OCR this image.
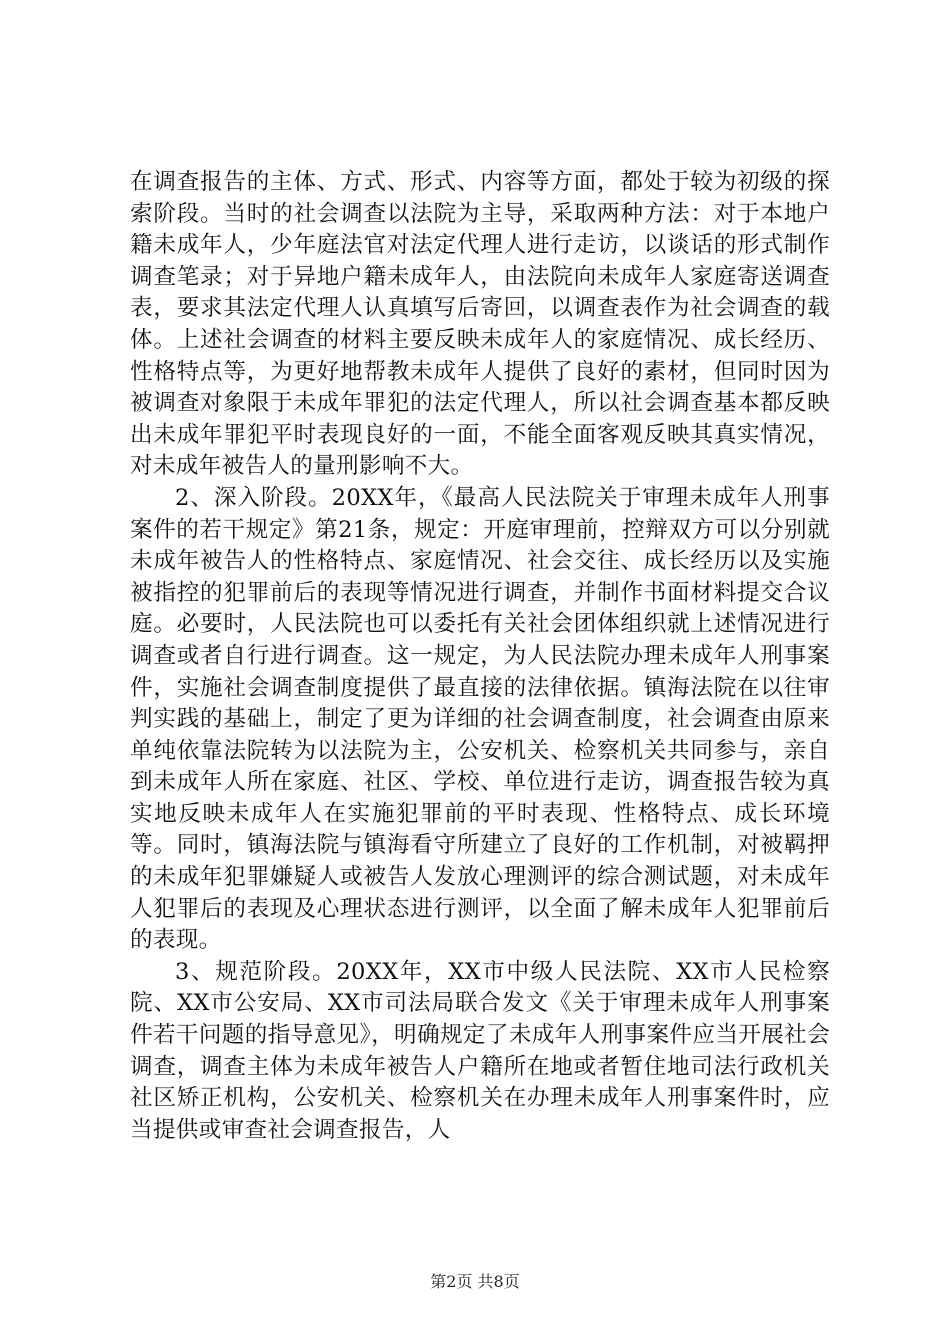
在调查报告的主体、方式、形式、内容等方面，都处于较为初级的探索阶段。当时的社会调查以法院为主导，采取两种方法：对于本地户籍未成年人，少年庭法官对法定代理人进行走访，以谈话的形式制作调查笔录；对于异地户籍未成年人，由法院向未成年人家庭寄送调查表，要求其法定代理人认真填写后寄回，以调查表作为社会调查的载体。上述社会调查的材料主要反映未成年人的家庭情况、成长经历、性格特点等，为更好地帮教未成年人提供了良好的素材，但同时因为被调查对象限于未成年罪犯的法定代理人，所以社会调查基本都反映出未成年罪犯平时表现良好的一面，不能全面客观反映其真实情况，对未成年被告人的量刑影响不大。

2、深入阶段。20XX年，《最高人民法院关于审理未成年人刑事案件的若干规定》第21条，规定：开庭审理前，控辩双方可以分别就未成年被告人的性格特点、家庭情况、社会交往、成长经历以及实施被指控的犯罪前后的表现等情况进行调查，并制作书面材料提交合议庭。必要时，人民法院也可以委托有关社会团体组织就上述情况进行调查或者自行进行调查。这一规定，为人民法院办理未成年人刑事案件，实施社会调查制度提供了最直接的法律依据。镇海法院在以往审判实践的基础上，制定了更为详细的社会调查制度，社会调查由原来单纯依靠法院转为以法院为主，公安机关、检察机关共同参与，亲自到未成年人所在家庭、社区、学校、单位进行走访，调查报告较为真实地反映未成年人在实施犯罪前的平时表现、性格特点、成长环境等。同时，镇海法院与镇海看守所建立了良好的工作机制，对被羁押的未成年犯罪嫌疑人或被告人发放心理测评的综合测试题，对未成年人犯罪后的表现及心理状态进行测评，以全面了解未成年人犯罪前后的表现。

3、规范阶段。20XX年，XX市中级人民法院、XX市人民检察院、XX市公安局、XX市司法局联合发文《关于审理未成年人刑事案件若干问题的指导意见》，明确规定了未成年人刑事案件应当开展社会调查，调查主体为未成年被告人户籍所在地或者暂住地司法行政机关社区矫正机构，公安机关、检察机关在办理未成年人刑事案件时，应当提供或审查社会调查报告，人

第2页 共8页
